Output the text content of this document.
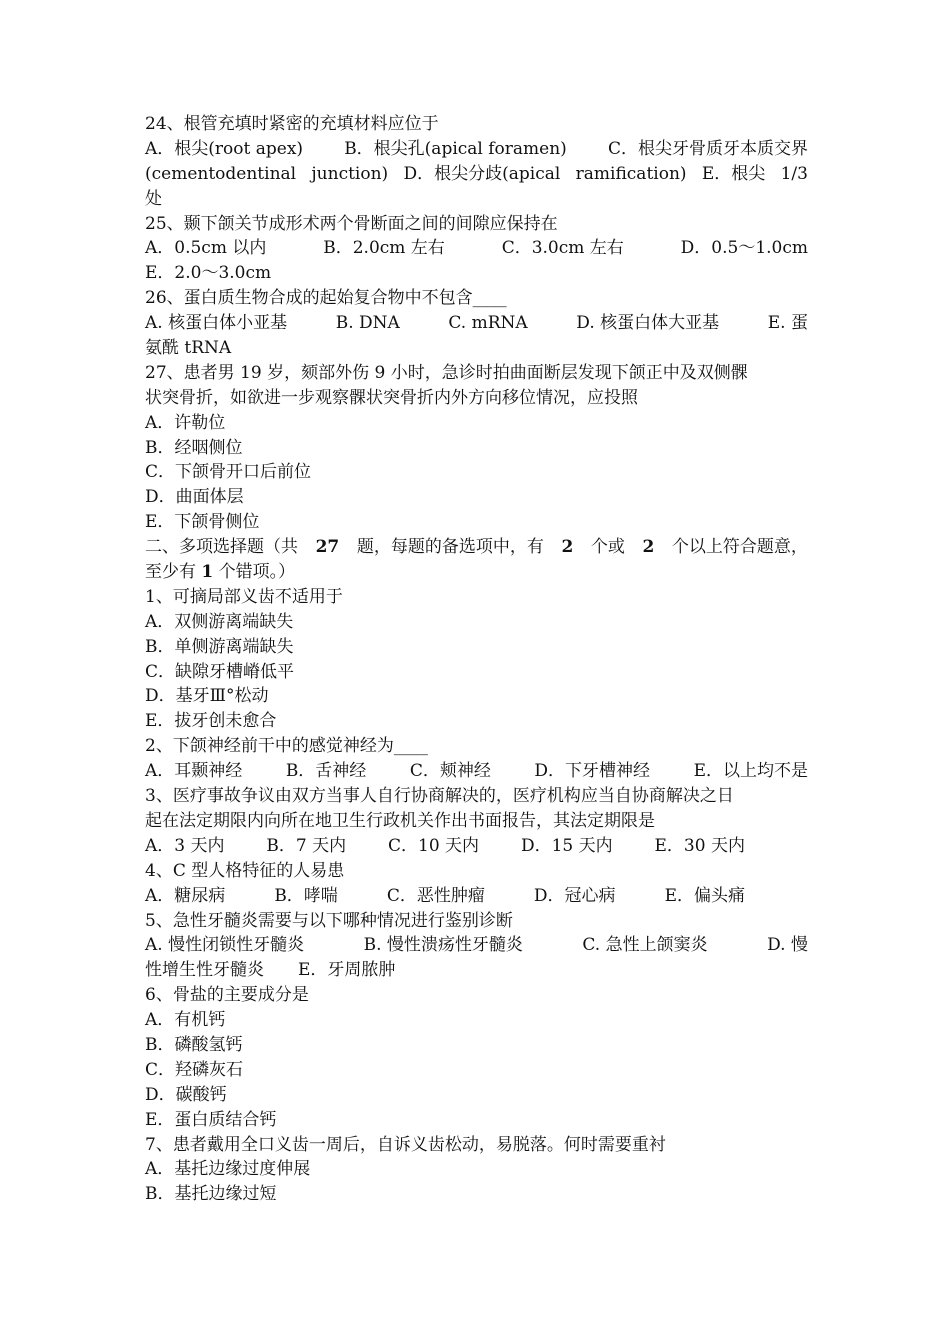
24、根管充填时紧密的充填材料应位于
A．根尖(root apex) B．根尖孔(apical foramen) C．根尖牙骨质牙本质交界
(cementodentinal junction) D．根尖分歧(apical ramification) E．根尖 1/3
处
25、颞下颌关节成形术两个骨断面之间的间隙应保持在
A．0.5cm 以内	B．2.0cm 左右	C．3.0cm 左右	D．0.5～1.0cm
E．2.0～3.0cm
26、蛋白质生物合成的起始复合物中不包含____
A. 核蛋白体小亚基	B. DNA	C. mRNA	D. 核蛋白体大亚基	E. 蛋
氨酰 tRNA
27、患者男 19 岁，颏部外伤 9 小时，急诊时拍曲面断层发现下颌正中及双侧髁
状突骨折，如欲进一步观察髁状突骨折内外方向移位情况，应投照
A．许勒位
B．经咽侧位
C．下颌骨开口后前位
D．曲面体层
E．下颌骨侧位
二、多项选择题（共 27 题，每题的备选项中，有 2 个或 2 个以上符合题意，
至少有 1 个错项。）
1、可摘局部义齿不适用于
A．双侧游离端缺失
B．单侧游离端缺失
C．缺隙牙槽嵴低平
D．基牙Ⅲ°松动
E．拔牙创未愈合
2、下颌神经前干中的感觉神经为____
A．耳颞神经	B．舌神经	C．颊神经	D．下牙槽神经	E．以上均不是
3、医疗事故争议由双方当事人自行协商解决的，医疗机构应当自协商解决之日
起在法定期限内向所在地卫生行政机关作出书面报告，其法定期限是
A．3 天内 B．7 天内 C．10 天内 D．15 天内 E．30 天内
4、C 型人格特征的人易患
A．糖尿病	B．哮喘	C．恶性肿瘤	D．冠心病	E．偏头痛
5、急性牙髓炎需要与以下哪种情况进行鉴别诊断
A. 慢性闭锁性牙髓炎	B. 慢性溃疡性牙髓炎	C. 急性上颌窦炎	D. 慢
性增生性牙髓炎　　E．牙周脓肿
6、骨盐的主要成分是
A．有机钙
B．磷酸氢钙
C．羟磷灰石
D．碳酸钙
E．蛋白质结合钙
7、患者戴用全口义齿一周后，自诉义齿松动，易脱落。何时需要重衬
A．基托边缘过度伸展
B．基托边缘过短
